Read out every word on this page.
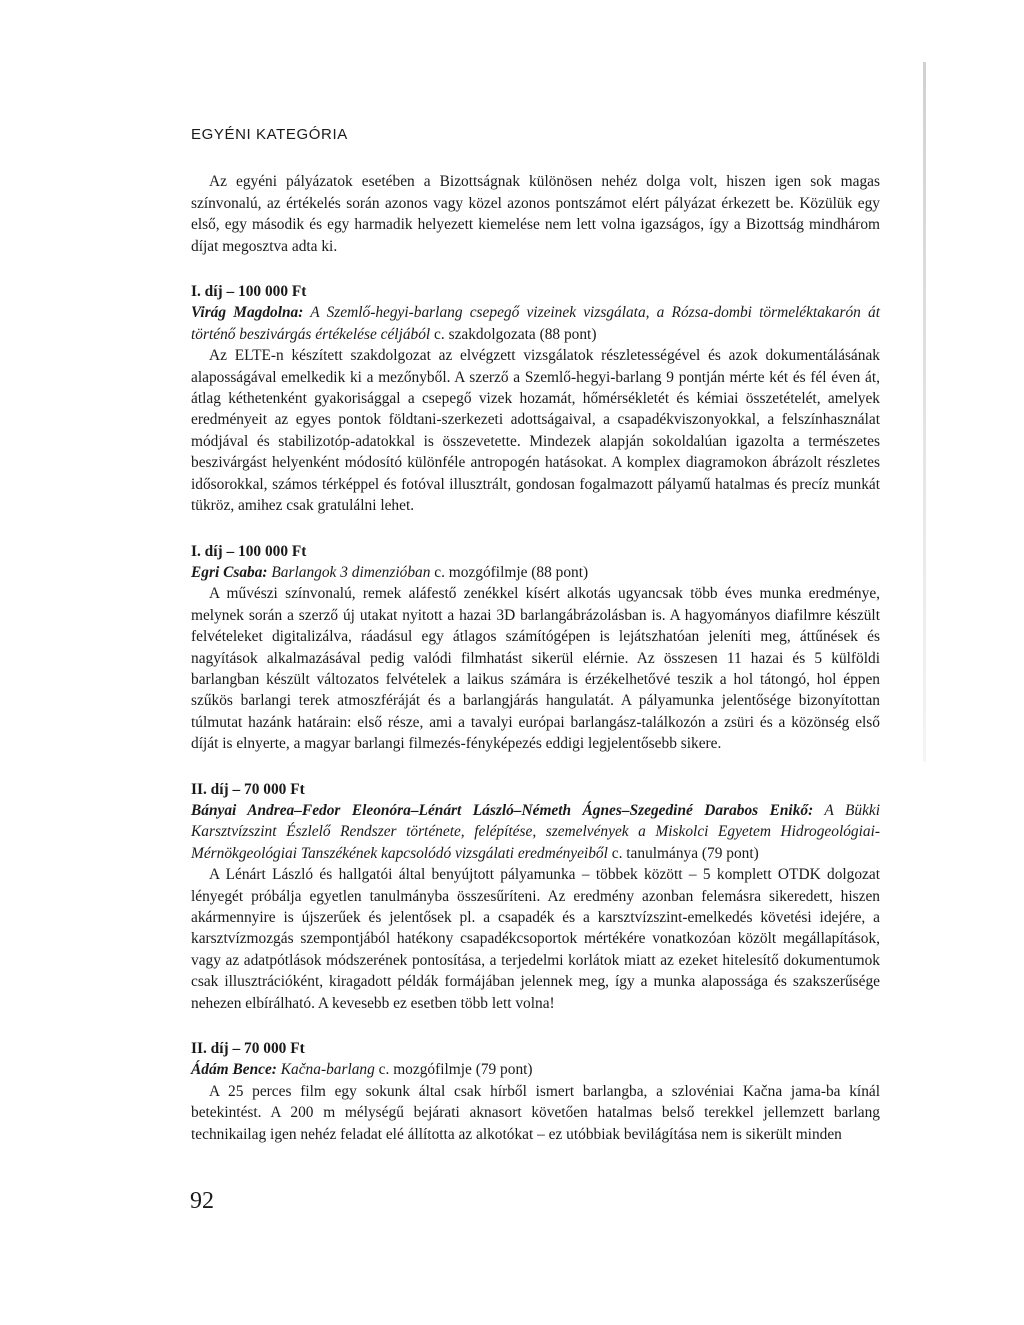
EGYÉNI KATEGÓRIA

Az egyéni pályázatok esetében a Bizottságnak különösen nehéz dolga volt, hiszen igen sok magas színvonalú, az értékelés során azonos vagy közel azonos pontszámot elért pályázat érkezett be. Közülük egy első, egy második és egy harmadik helyezett kiemelése nem lett volna igazságos, így a Bizottság mindhárom díjat megosztva adta ki.

I. díj – 100 000 Ft

Virág Magdolna: A Szemlő-hegyi-barlang csepegő vizeinek vizsgálata, a Rózsa-dombi törmeléktakarón át történő beszivárgás értékelése céljából c. szakdolgozata (88 pont)

Az ELTE-n készített szakdolgozat az elvégzett vizsgálatok részletességével és azok dokumentálásának alaposságával emelkedik ki a mezőnyből. A szerző a Szemlő-hegyi-barlang 9 pontján mérte két és fél éven át, átlag kéthetenként gyakorisággal a csepegő vizek hozamát, hőmérsékletét és kémiai összetételét, amelyek eredményeit az egyes pontok földtani-szerkezeti adottságaival, a csapadékviszonyokkal, a felszínhasználat módjával és stabilizotóp-adatokkal is összevetette. Mindezek alapján sokoldalúan igazolta a természetes beszivárgást helyenként módosító különféle antropogén hatásokat. A komplex diagramokon ábrázolt részletes idősorokkal, számos térképpel és fotóval illusztrált, gondosan fogalmazott pályamű hatalmas és precíz munkát tükröz, amihez csak gratulálni lehet.

I. díj – 100 000 Ft

Egri Csaba: Barlangok 3 dimenzióban c. mozgófilmje (88 pont)

A művészi színvonalú, remek aláfestő zenékkel kísért alkotás ugyancsak több éves munka eredménye, melynek során a szerző új utakat nyitott a hazai 3D barlangábrázolásban is. A hagyományos diafilmre készült felvételeket digitalizálva, ráadásul egy átlagos számítógépen is lejátszhatóan jeleníti meg, áttűnések és nagyítások alkalmazásával pedig valódi filmhatást sikerül elérnie. Az összesen 11 hazai és 5 külföldi barlangban készült változatos felvételek a laikus számára is érzékelhetővé teszik a hol tátongó, hol éppen szűkös barlangi terek atmoszféráját és a barlangjárás hangulatát. A pályamunka jelentősége bizonyítottan túlmutat hazánk határain: első része, ami a tavalyi európai barlangász-találkozón a zsüri és a közönség első díját is elnyerte, a magyar barlangi filmezés-fényképezés eddigi legjelentősebb sikere.

II. díj – 70 000 Ft

Bányai Andrea–Fedor Eleonóra–Lénárt László–Németh Ágnes–Szegediné Darabos Enikő: A Bükki Karsztvízszint Észlelő Rendszer története, felépítése, szemelvények a Miskolci Egyetem Hidrogeológiai-Mérnökgeológiai Tanszékének kapcsolódó vizsgálati eredményeiből c. tanulmánya (79 pont)

A Lénárt László és hallgatói által benyújtott pályamunka – többek között – 5 komplett OTDK dolgozat lényegét próbálja egyetlen tanulmányba összesűríteni. Az eredmény azonban felemásra sikeredett, hiszen akármennyire is újszerűek és jelentősek pl. a csapadék és a karsztvízszint-emelkedés követési idejére, a karsztvízmozgás szempontjából hatékony csapadékcsoportok mértékére vonatkozóan közölt megállapítások, vagy az adatpótlások módszerének pontosítása, a terjedelmi korlátok miatt az ezeket hitelesítő dokumentumok csak illusztrációként, kiragadott példák formájában jelennek meg, így a munka alapossága és szakszerűsége nehezen elbírálható. A kevesebb ez esetben több lett volna!

II. díj – 70 000 Ft

Ádám Bence: Kačna-barlang c. mozgófilmje (79 pont)

A 25 perces film egy sokunk által csak hírből ismert barlangba, a szlovéniai Kačna jama-ba kínál betekintést. A 200 m mélységű bejárati aknasort követően hatalmas belső terekkel jellemzett barlang technikailag igen nehéz feladat elé állította az alkotókat – ez utóbbiak bevilágítása nem is sikerült minden

92
